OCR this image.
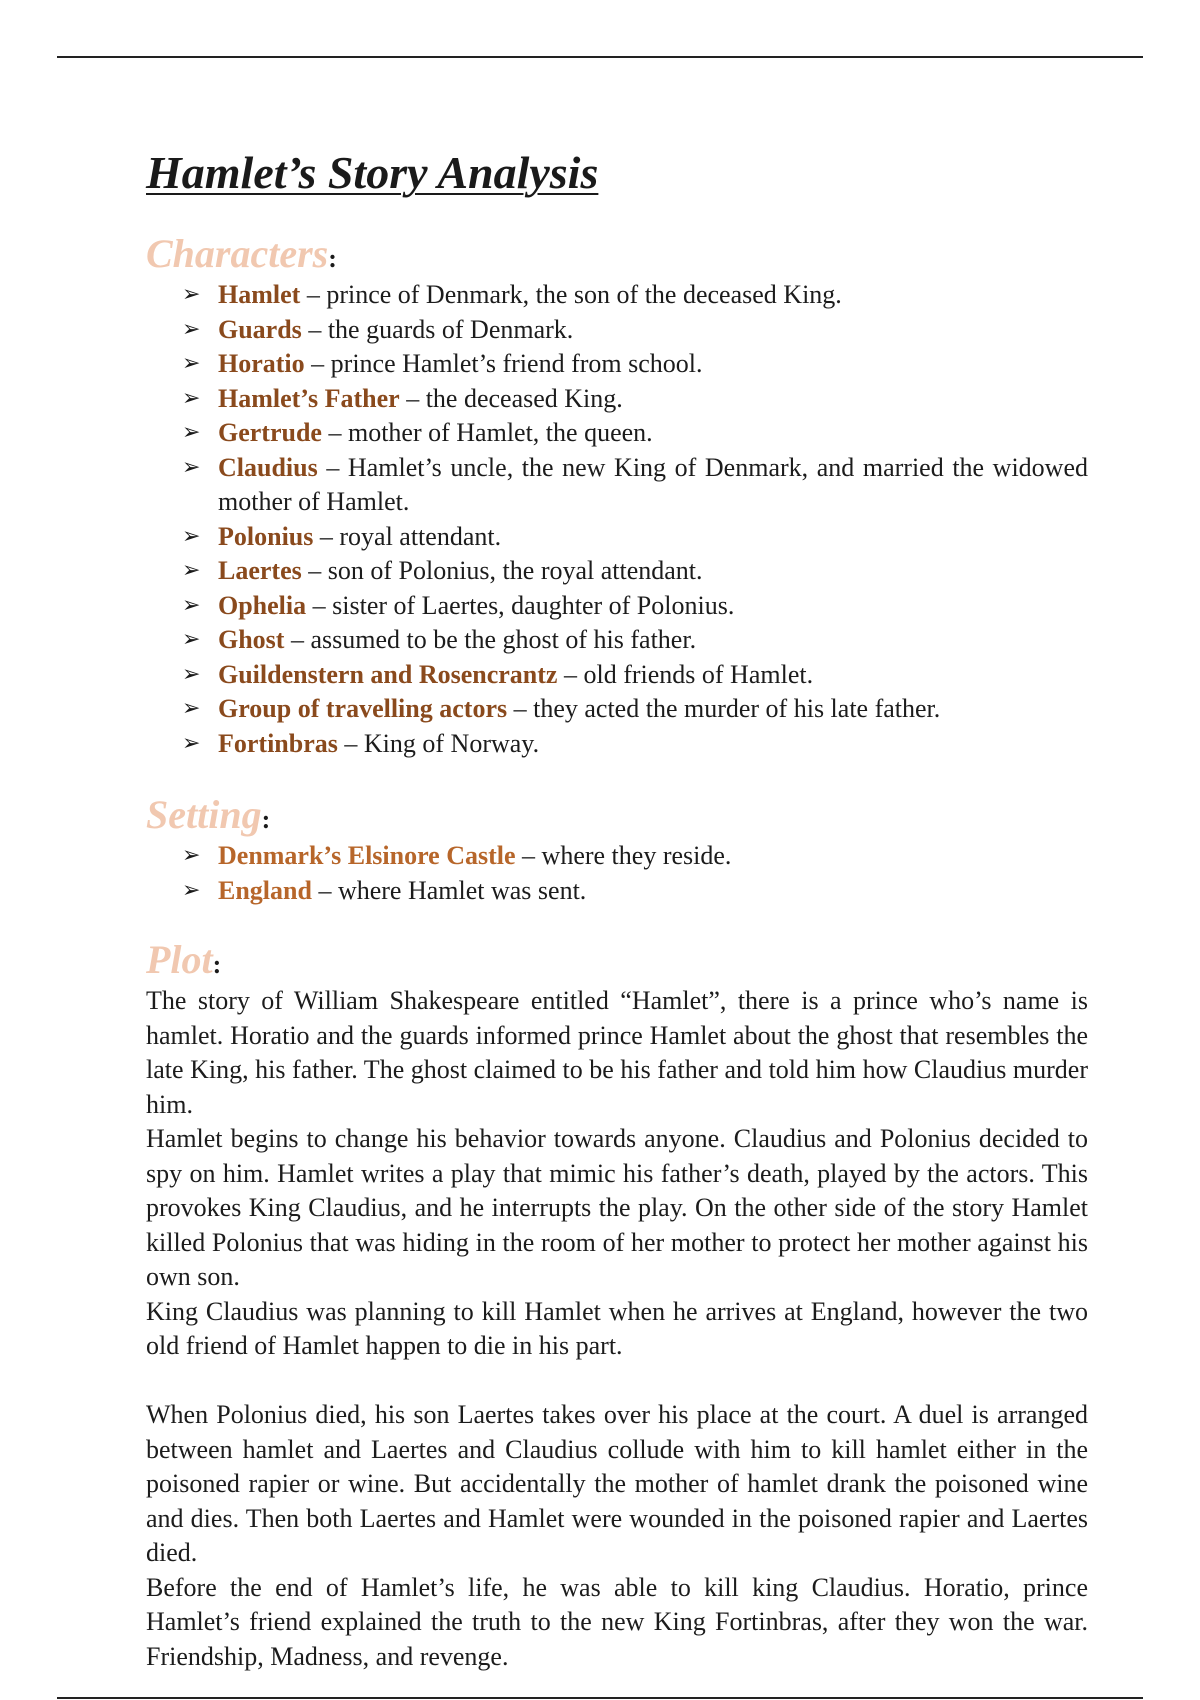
Hamlet’s Story Analysis
Characters:
➢ Hamlet – prince of Denmark, the son of the deceased King.
➢ Guards – the guards of Denmark.
➢ Horatio – prince Hamlet’s friend from school.
➢ Hamlet’s Father – the deceased King.
➢ Gertrude – mother of Hamlet, the queen.
➢ Claudius – Hamlet’s uncle, the new King of Denmark, and married the widowed mother of Hamlet.
➢ Polonius – royal attendant.
➢ Laertes – son of Polonius, the royal attendant.
➢ Ophelia – sister of Laertes, daughter of Polonius.
➢ Ghost – assumed to be the ghost of his father.
➢ Guildenstern and Rosencrantz – old friends of Hamlet.
➢ Group of travelling actors – they acted the murder of his late father.
➢ Fortinbras – King of Norway.
Setting:
➢ Denmark’s Elsinore Castle – where they reside.
➢ England – where Hamlet was sent.
Plot:

The story of William Shakespeare entitled “Hamlet”, there is a prince who’s name is hamlet. Horatio and the guards informed prince Hamlet about the ghost that resembles the late King, his father. The ghost claimed to be his father and told him how Claudius murder him.

Hamlet begins to change his behavior towards anyone. Claudius and Polonius decided to spy on him. Hamlet writes a play that mimic his father’s death, played by the actors. This provokes King Claudius, and he interrupts the play. On the other side of the story Hamlet killed Polonius that was hiding in the room of her mother to protect her mother against his own son.

King Claudius was planning to kill Hamlet when he arrives at England, however the two old friend of Hamlet happen to die in his part.

When Polonius died, his son Laertes takes over his place at the court. A duel is arranged between hamlet and Laertes and Claudius collude with him to kill hamlet either in the poisoned rapier or wine. But accidentally the mother of hamlet drank the poisoned wine and dies. Then both Laertes and Hamlet were wounded in the poisoned rapier and Laertes died.

Before the end of Hamlet’s life, he was able to kill king Claudius. Horatio, prince Hamlet’s friend explained the truth to the new King Fortinbras, after they won the war. Friendship, Madness, and revenge.
